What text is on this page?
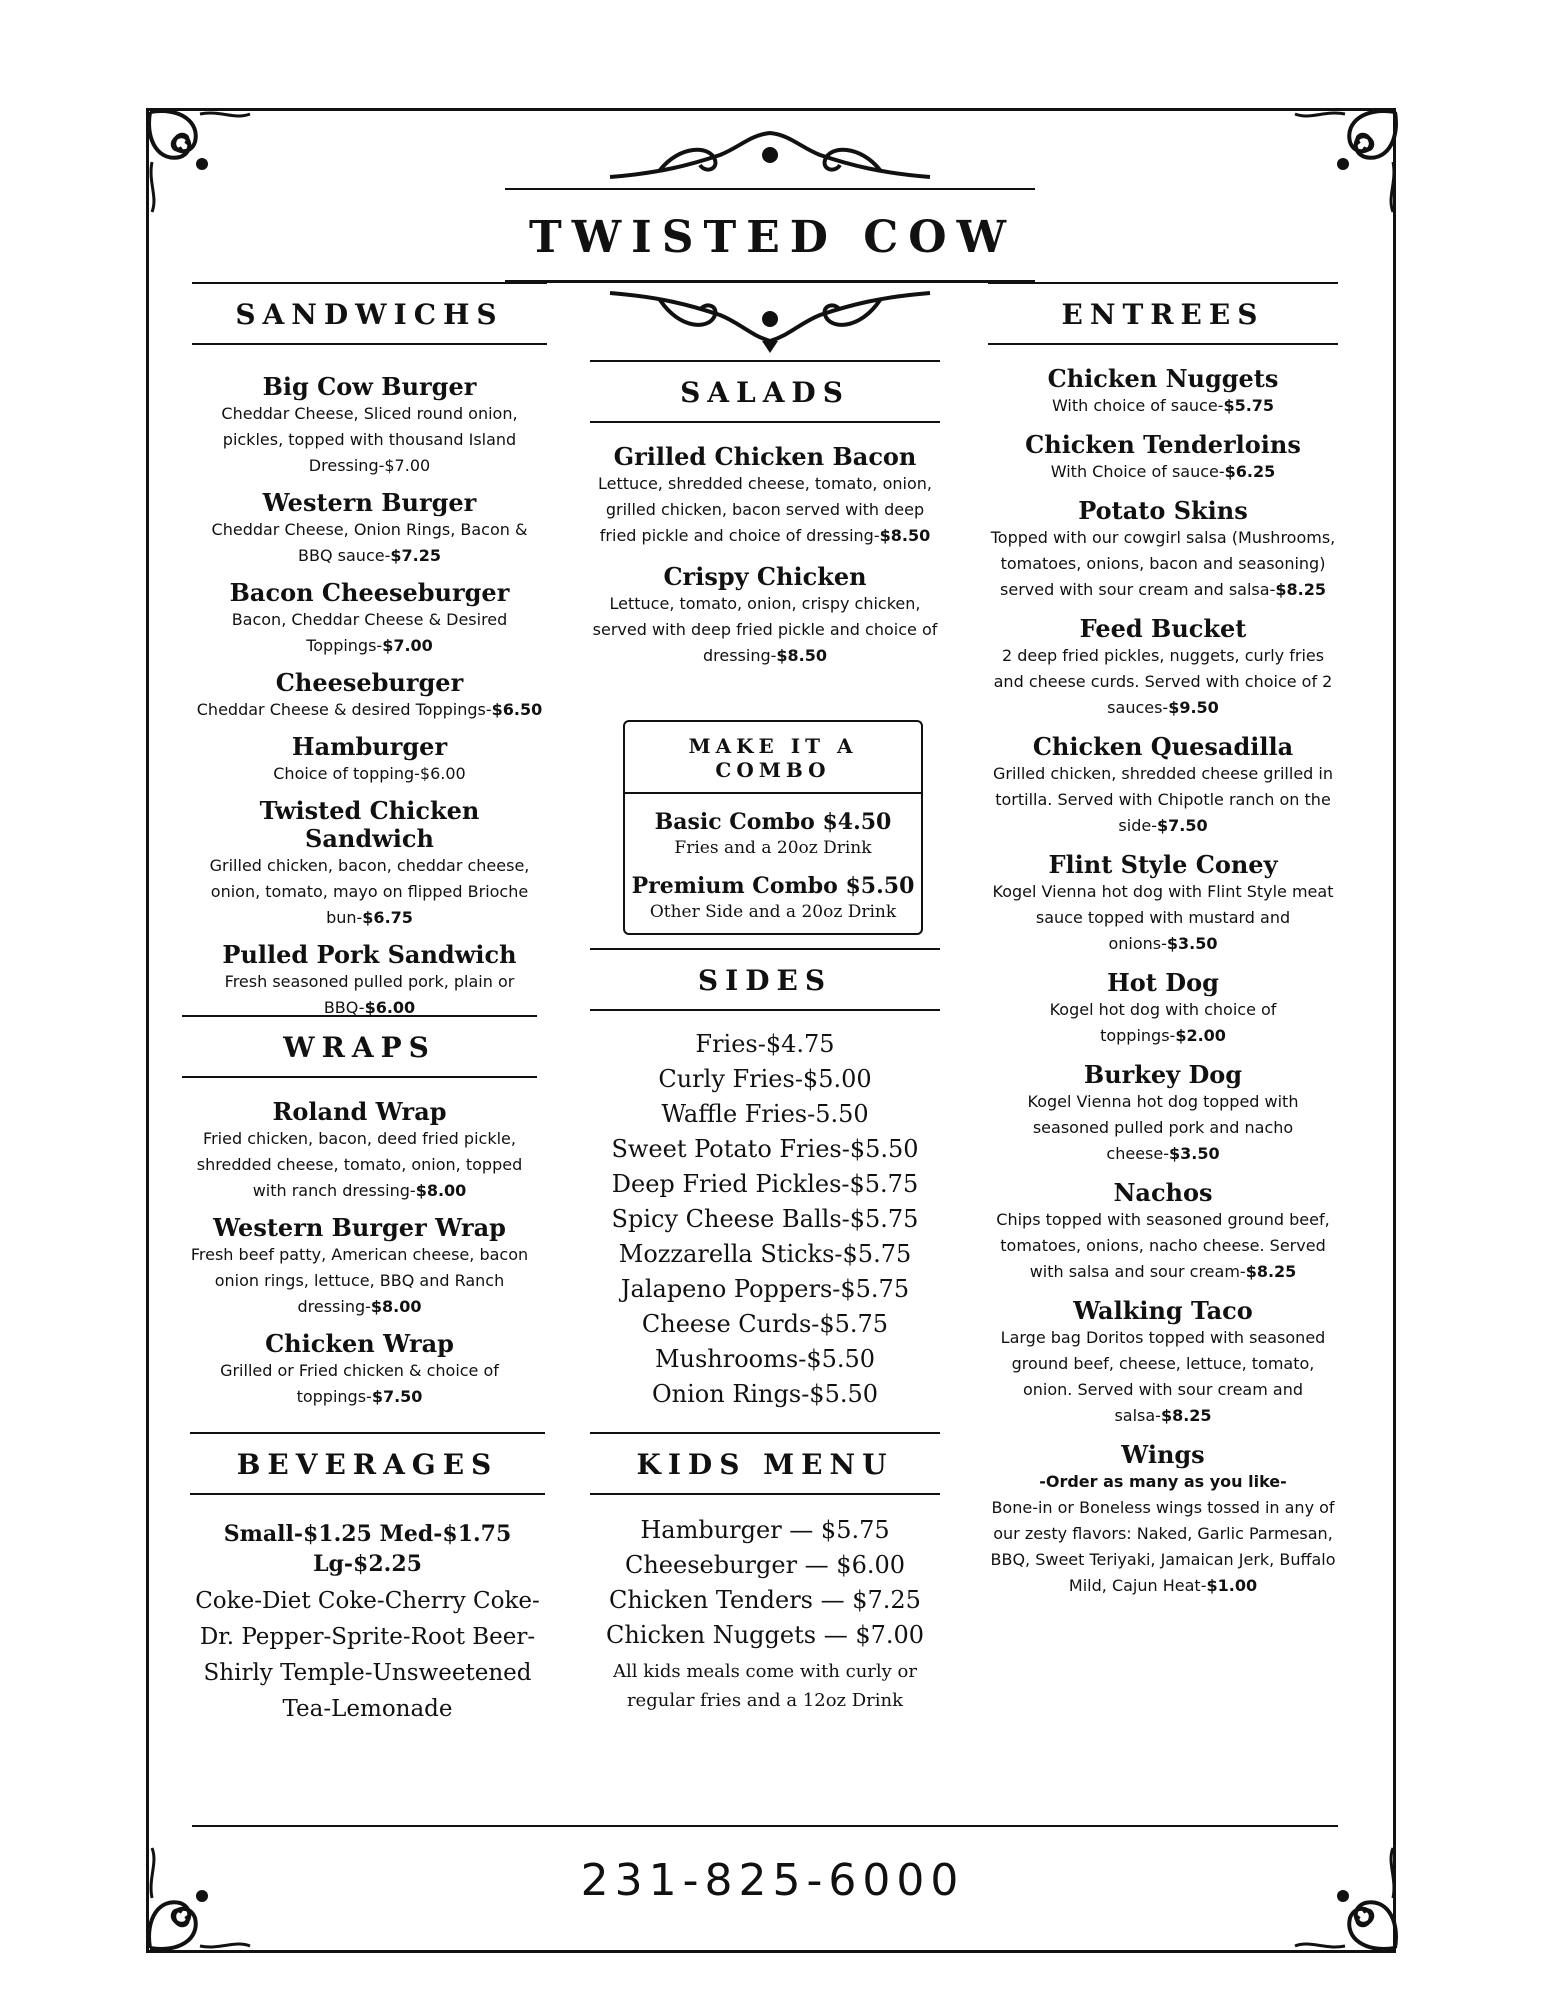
TWISTED COW
SANDWICHS
Big Cow Burger
Cheddar Cheese, Sliced round onion, pickles, topped with thousand Island Dressing-$7.00
Western Burger
Cheddar Cheese, Onion Rings, Bacon & BBQ sauce-$7.25
Bacon Cheeseburger
Bacon, Cheddar Cheese & Desired Toppings-$7.00
Cheeseburger
Cheddar Cheese & desired Toppings-$6.50
Hamburger
Choice of topping-$6.00
Twisted Chicken Sandwich
Grilled chicken, bacon, cheddar cheese, onion, tomato, mayo on flipped Brioche bun-$6.75
Pulled Pork Sandwich
Fresh seasoned pulled pork, plain or BBQ-$6.00
WRAPS
Roland Wrap
Fried chicken, bacon, deed fried pickle, shredded cheese, tomato, onion, topped with ranch dressing-$8.00
Western Burger Wrap
Fresh beef patty, American cheese, bacon onion rings, lettuce, BBQ and Ranch dressing-$8.00
Chicken Wrap
Grilled or Fried chicken & choice of toppings-$7.50
BEVERAGES
Small-$1.25 Med-$1.75 Lg-$2.25
Coke-Diet Coke-Cherry Coke-Dr. Pepper-Sprite-Root Beer-Shirly Temple-Unsweetened Tea-Lemonade
SALADS
Grilled Chicken Bacon
Lettuce, shredded cheese, tomato, onion, grilled chicken, bacon served with deep fried pickle and choice of dressing-$8.50
Crispy Chicken
Lettuce, tomato, onion, crispy chicken, served with deep fried pickle and choice of dressing-$8.50
MAKE IT A COMBO
Basic Combo $4.50
Fries and a 20oz Drink
Premium Combo $5.50
Other Side and a 20oz Drink
SIDES
Fries-$4.75
Curly Fries-$5.00
Waffle Fries-5.50
Sweet Potato Fries-$5.50
Deep Fried Pickles-$5.75
Spicy Cheese Balls-$5.75
Mozzarella Sticks-$5.75
Jalapeno Poppers-$5.75
Cheese Curds-$5.75
Mushrooms-$5.50
Onion Rings-$5.50
KIDS MENU
Hamburger — $5.75
Cheeseburger — $6.00
Chicken Tenders — $7.25
Chicken Nuggets — $7.00
All kids meals come with curly or regular fries and a 12oz Drink
ENTREES
Chicken Nuggets
With choice of sauce-$5.75
Chicken Tenderloins
With Choice of sauce-$6.25
Potato Skins
Topped with our cowgirl salsa (Mushrooms, tomatoes, onions, bacon and seasoning) served with sour cream and salsa-$8.25
Feed Bucket
2 deep fried pickles, nuggets, curly fries and cheese curds. Served with choice of 2 sauces-$9.50
Chicken Quesadilla
Grilled chicken, shredded cheese grilled in tortilla. Served with Chipotle ranch on the side-$7.50
Flint Style Coney
Kogel Vienna hot dog with Flint Style meat sauce topped with mustard and onions-$3.50
Hot Dog
Kogel hot dog with choice of toppings-$2.00
Burkey Dog
Kogel Vienna hot dog topped with seasoned pulled pork and nacho cheese-$3.50
Nachos
Chips topped with seasoned ground beef, tomatoes, onions, nacho cheese. Served with salsa and sour cream-$8.25
Walking Taco
Large bag Doritos topped with seasoned ground beef, cheese, lettuce, tomato, onion. Served with sour cream and salsa-$8.25
Wings
-Order as many as you like-
Bone-in or Boneless wings tossed in any of our zesty flavors: Naked, Garlic Parmesan, BBQ, Sweet Teriyaki, Jamaican Jerk, Buffalo Mild, Cajun Heat-$1.00
231-825-6000
